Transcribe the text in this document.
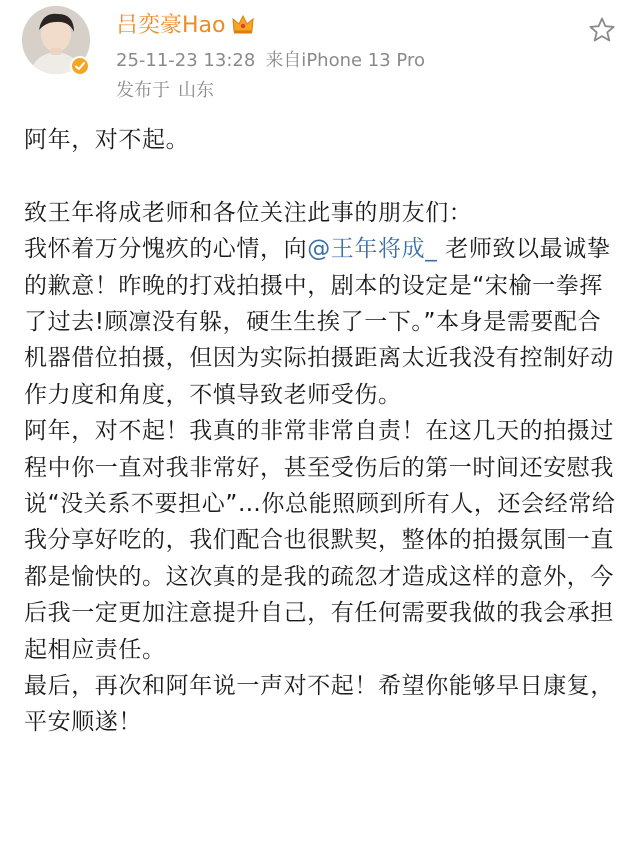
吕奕豪Hao
25-11-23 13:28 来自iPhone 13 Pro
发布于 山东

阿年，对不起。

致王年将成老师和各位关注此事的朋友们：

我怀着万分愧疚的心情，向@王年将成_ 老师致以最诚挚的歉意！昨晚的打戏拍摄中，剧本的设定是“宋榆一拳挥了过去!顾凛没有躲，硬生生挨了一下。”本身是需要配合机器借位拍摄，但因为实际拍摄距离太近我没有控制好动作力度和角度，不慎导致老师受伤。

阿年，对不起！我真的非常非常自责！在这几天的拍摄过程中你一直对我非常好，甚至受伤后的第一时间还安慰我说“没关系不要担心”…你总能照顾到所有人，还会经常给我分享好吃的，我们配合也很默契，整体的拍摄氛围一直都是愉快的。这次真的是我的疏忽才造成这样的意外，今后我一定更加注意提升自己，有任何需要我做的我会承担起相应责任。

最后，再次和阿年说一声对不起！希望你能够早日康复，平安顺遂！
